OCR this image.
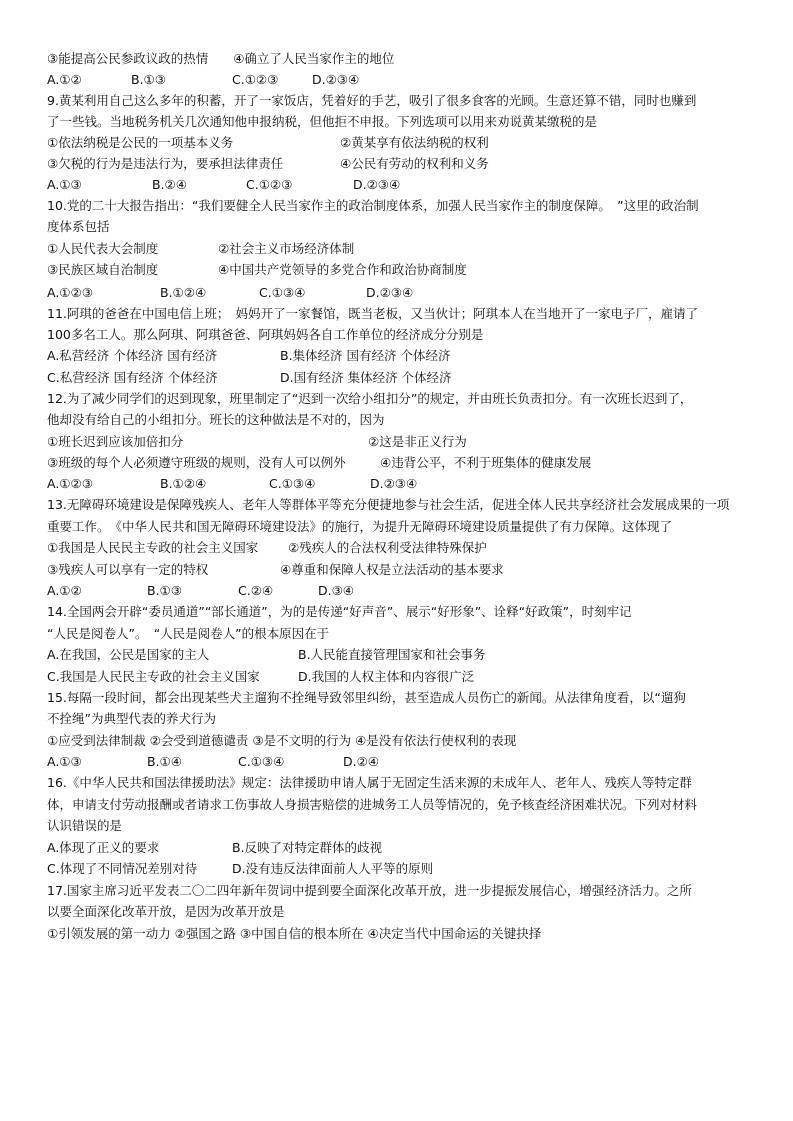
③能提高公民参政议政的热情　　④确立了人民当家作主的地位
A.①②	B.①③	C.①②③	D.②③④
9.黄某利用自己这么多年的积蓄，开了一家饭店，凭着好的手艺，吸引了很多食客的光顾。生意还算不错，同时也赚到
了一些钱。当地税务机关几次通知他申报纳税，但他拒不申报。下列选项可以用来劝说黄某缴税的是
①依法纳税是公民的一项基本义务	②黄某享有依法纳税的权利
③欠税的行为是违法行为，要承担法律责任	④公民有劳动的权利和义务
A.①③	B.②④	C.①②③	D.②③④
10.党的二十大报告指出：“我们要健全人民当家作主的政治制度体系，加强人民当家作主的制度保障。　”这里的政治制
度体系包括
①人民代表大会制度	②社会主义市场经济体制
③民族区域自治制度	④中国共产党领导的多党合作和政治协商制度
A.①②③	B.①②④	C.①③④	D.②③④
11.阿琪的爸爸在中国电信上班；　妈妈开了一家餐馆，既当老板，又当伙计；阿琪本人在当地开了一家电子厂，雇请了
100多名工人。那么阿琪、阿琪爸爸、阿琪妈妈各自工作单位的经济成分分别是
A.私营经济 个体经济 国有经济	B.集体经济 国有经济 个体经济
C.私营经济 国有经济 个体经济	D.国有经济 集体经济 个体经济
12.为了减少同学们的迟到现象，班里制定了“迟到一次给小组扣分”的规定，并由班长负责扣分。有一次班长迟到了，
他却没有给自己的小组扣分。班长的这种做法是不对的，因为
①班长迟到应该加倍扣分	②这是非正义行为
③班级的每个人必须遵守班级的规则，没有人可以例外	④违背公平，不利于班集体的健康发展
A.①②③	B.①②④	C.①③④	D.②③④
13.无障碍环境建设是保障残疾人、老年人等群体平等充分便捷地参与社会生活，促进全体人民共享经济社会发展成果的一项
重要工作。　《中华人民共和国无障碍环境建设法》的施行，为提升无障碍环境建设质量提供了有力保障。这体现了
①我国是人民民主专政的社会主义国家 ②残疾人的合法权利受法律特殊保护
③残疾人可以享有一定的特权	④尊重和保障人权是立法活动的基本要求
A.①②	B.①③	C.②④	D.③④
14.全国两会开辟“委员通道”“部长通道”，为的是传递“好声音”、展示“好形象”、诠释“好政策”，时刻牢记
“人民是阅卷人”。　“人民是阅卷人”的根本原因在于
A.在我国，公民是国家的主人	B.人民能直接管理国家和社会事务
C.我国是人民民主专政的社会主义国家	D.我国的人权主体和内容很广泛
15.每隔一段时间，都会出现某些犬主遛狗不拴绳导致邻里纠纷，甚至造成人员伤亡的新闻。从法律角度看，以“遛狗
不拴绳”为典型代表的养犬行为
①应受到法律制裁 ②会受到道德谴责 ③是不文明的行为 ④是没有依法行使权利的表现
A.①③	B.①④	C.①③④	D.②④
16.《中华人民共和国法律援助法》规定：法律援助申请人属于无固定生活来源的未成年人、老年人、残疾人等特定群
体，申请支付劳动报酬或者请求工伤事故人身损害赔偿的进城务工人员等情况的，免予核查经济困难状况。下列对材料
认识错误的是
A.体现了正义的要求	B.反映了对特定群体的歧视
C.体现了不同情况差别对待	D.没有违反法律面前人人平等的原则
17.国家主席习近平发表二〇二四年新年贺词中提到要全面深化改革开放，进一步提振发展信心，增强经济活力。之所
以要全面深化改革开放，是因为改革开放是
①引领发展的第一动力 ②强国之路 ③中国自信的根本所在 ④决定当代中国命运的关键抉择
